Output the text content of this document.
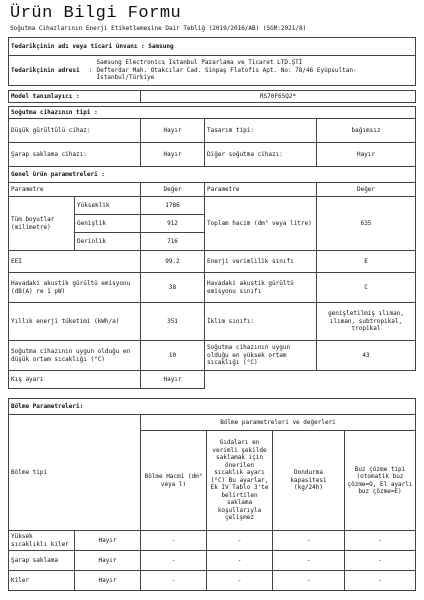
Ürün Bilgi Formu
Soğutma Cihazlarının Enerji Etiketlemesine Dair Tebliğ (2019/2016/AB) (SGM:2021/8)
Tedarikçinin adı veya ticari ünvanı : Samsung
Tedarikçinin adresi	:	
Samsung Electronics Istanbul Pazarlama ve Ticaret LTD.ŞTİ
Defterdar Mah. Otakcılar Cad. Sinpaş Flatofis Apt. No: 78/46 Eyüpsultan-İstanbul/Türkiye
Model tanımlayıcı :	RS70F65Q2*
Soğutma cihazının tipi :				
Düşük gürültülü cihaz:		Hayır	Tasarım tipi:	bağımsız
Şarap saklama cihazı:		Hayır	Diğer soğutma cihazı:	Hayır
Genel ürün parametreleri :				
Parametre		Değer	Parametre	Değer
Tüm boyutlar (milimetre)	Yükseklik	1786	Toplam hacim (dm³ veya litre)	635
	Genişlik	912		
	Derinlik	716		
EEI		99.2	Enerji verimlilik sınıfı	E
Havadaki akustik gürültü emisyonu (dB(A) re 1 pW)		38	Havadaki akustik gürültü emisyonu sınıfı	C
Yıllık enerji tüketimi (kWh/a)		351	İklim sınıfı:	genişletilmiş ılıman, ılıman, subtropikal, tropikal
Soğutma cihazının uygun olduğu en düşük ortam sıcaklığı (°C)		10	Soğutma cihazının uygun olduğu en yüksek ortam sıcaklığı (°C)	43
Kış ayarı		Hayır		
Bölme Parametreleri:					
Bölme tipi		Bölme parametreleri ve değerleri			
		Bölme Hacmi (dm³ veya l)	Gıdaları en verimli şekilde saklamak için önerilen sıcaklık ayarı (°C) Bu ayarlar, Ek IV Tablo 3'te belirtilen saklama koşullarıyla çelişmez	Dondurma kapasitesi (kg/24h)	Buz çözme tipi (otomatik buz çözme=O, El ayarlı buz çözme=E)
Yüksek sıcaklıklı kiler	Hayır	-	-	-	-
Şarap saklama	Hayır	-	-	-	-
Kiler	Hayır	-	-	-	-
